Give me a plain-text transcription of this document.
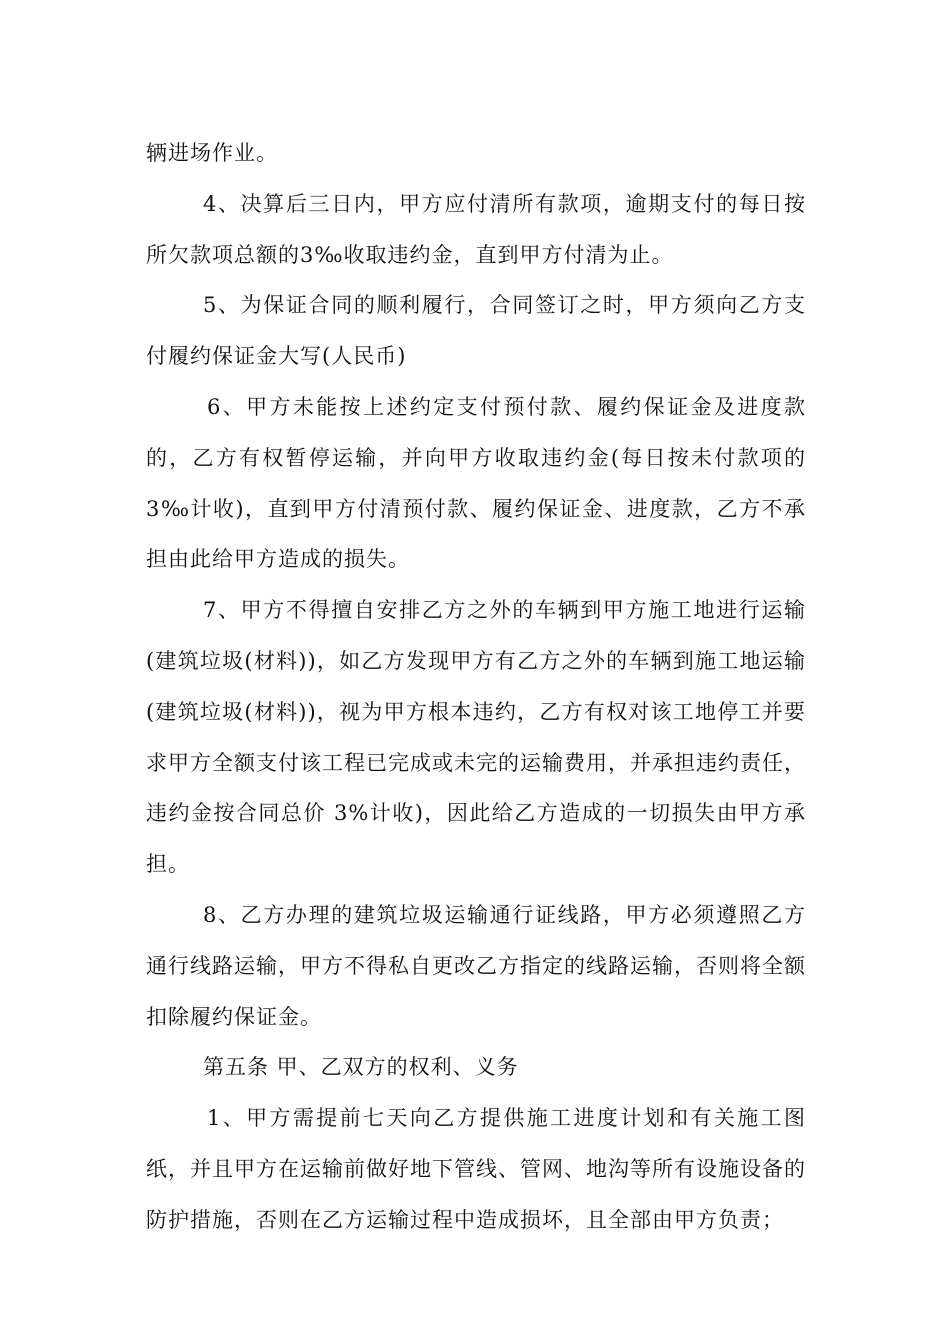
辆进场作业。

4、决算后三日内，甲方应付清所有款项，逾期支付的每日按所欠款项总额的3‰收取违约金，直到甲方付清为止。

5、为保证合同的顺利履行，合同签订之时，甲方须向乙方支付履约保证金大写(人民币)

6、甲方未能按上述约定支付预付款、履约保证金及进度款的，乙方有权暂停运输，并向甲方收取违约金(每日按未付款项的3‰计收)，直到甲方付清预付款、履约保证金、进度款，乙方不承担由此给甲方造成的损失。

7、甲方不得擅自安排乙方之外的车辆到甲方施工地进行运输(建筑垃圾(材料))，如乙方发现甲方有乙方之外的车辆到施工地运输(建筑垃圾(材料))，视为甲方根本违约，乙方有权对该工地停工并要求甲方全额支付该工程已完成或未完的运输费用，并承担违约责任，违约金按合同总价 3%计收)，因此给乙方造成的一切损失由甲方承担。

8、乙方办理的建筑垃圾运输通行证线路，甲方必须遵照乙方通行线路运输，甲方不得私自更改乙方指定的线路运输，否则将全额扣除履约保证金。

第五条 甲、乙双方的权利、义务

1、甲方需提前七天向乙方提供施工进度计划和有关施工图纸，并且甲方在运输前做好地下管线、管网、地沟等所有设施设备的防护措施，否则在乙方运输过程中造成损坏，且全部由甲方负责；
